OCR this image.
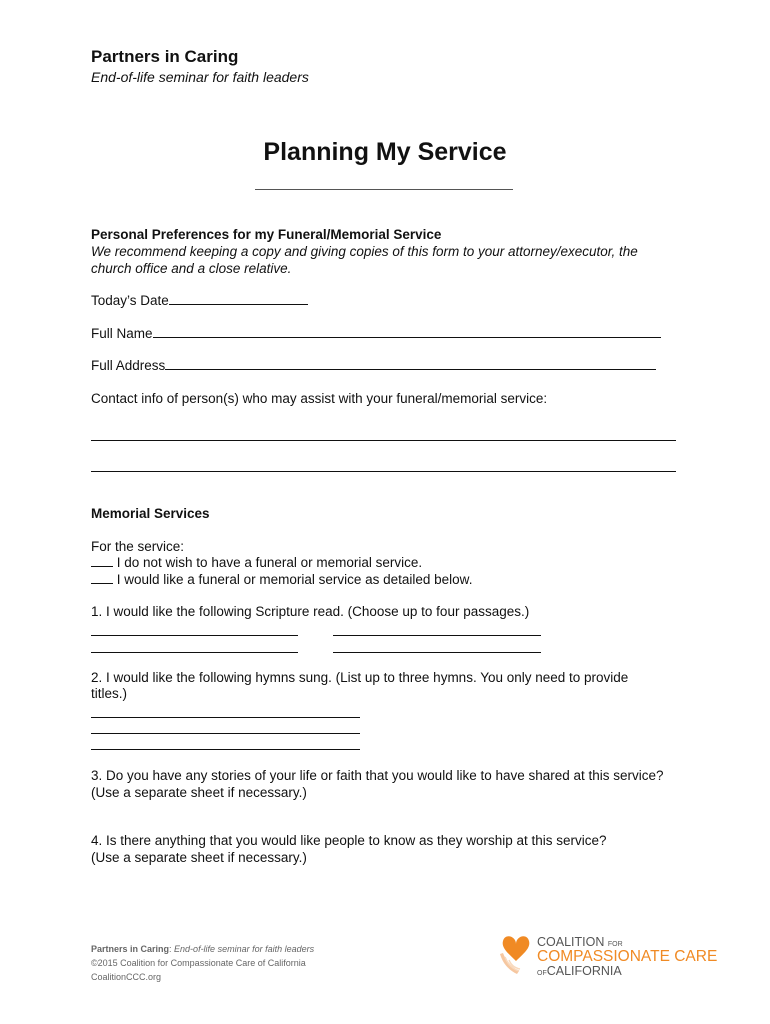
Partners in Caring
End-of-life seminar for faith leaders
Planning My Service
Personal Preferences for my Funeral/Memorial Service
We recommend keeping a copy and giving copies of this form to your attorney/executor, the
church office and a close relative.
Today’s Date
Full Name
Full Address
Contact info of person(s) who may assist with your funeral/memorial service:
Memorial Services
For the service:
I do not wish to have a funeral or memorial service.
I would like a funeral or memorial service as detailed below.
1. I would like the following Scripture read. (Choose up to four passages.)
2. I would like the following hymns sung. (List up to three hymns. You only need to provide
titles.)
3. Do you have any stories of your life or faith that you would like to have shared at this service?
(Use a separate sheet if necessary.)
4. Is there anything that you would like people to know as they worship at this service?
(Use a separate sheet if necessary.)
Partners in Caring: End-of-life seminar for faith leaders
©2015 Coalition for Compassionate Care of California
CoalitionCCC.org
COALITION FOR
COMPASSIONATE CARE
OFCALIFORNIA
